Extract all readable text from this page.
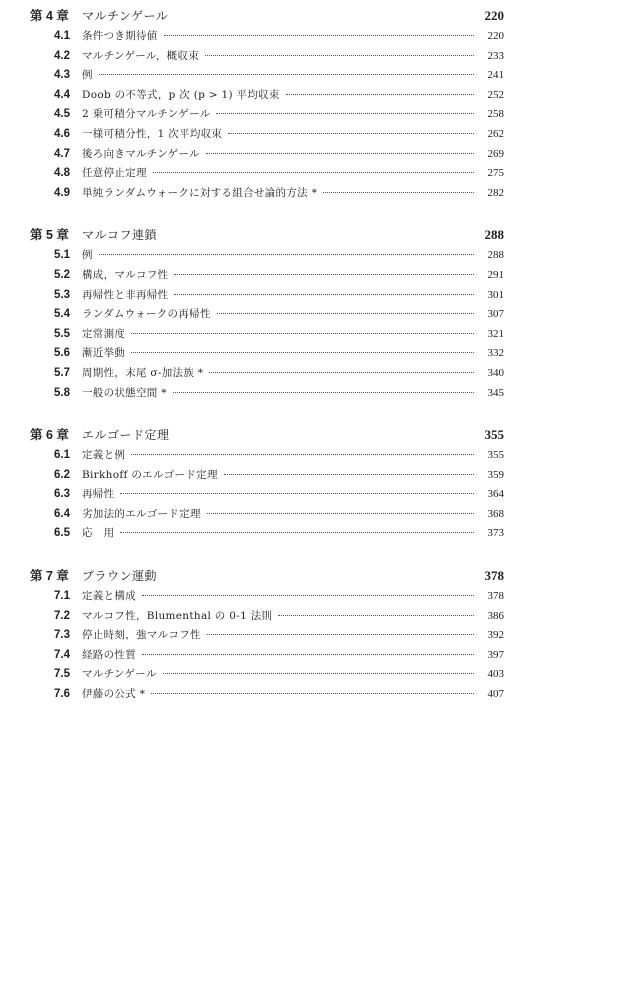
第 4 章	マルチンゲール	220
4.1	条件つき期待値	220
4.2	マルチンゲール，概収束	233
4.3	例	241
4.4	Doob の不等式，p 次 (p > 1) 平均収束	252
4.5	2 乗可積分マルチンゲール	258
4.6	一様可積分性，1 次平均収束	262
4.7	後ろ向きマルチンゲール	269
4.8	任意停止定理	275
4.9	単純ランダムウォークに対する組合せ論的方法 *	282
第 5 章	マルコフ連鎖	288
5.1	例	288
5.2	構成，マルコフ性	291
5.3	再帰性と非再帰性	301
5.4	ランダムウォークの再帰性	307
5.5	定常測度	321
5.6	漸近挙動	332
5.7	周期性，末尾 σ-加法族 *	340
5.8	一般の状態空間 *	345
第 6 章	エルゴード定理	355
6.1	定義と例	355
6.2	Birkhoff のエルゴード定理	359
6.3	再帰性	364
6.4	劣加法的エルゴード定理	368
6.5	応　用	373
第 7 章	ブラウン運動	378
7.1	定義と構成	378
7.2	マルコフ性，Blumenthal の 0-1 法則	386
7.3	停止時刻，強マルコフ性	392
7.4	経路の性質	397
7.5	マルチンゲール	403
7.6	伊藤の公式 *	407
